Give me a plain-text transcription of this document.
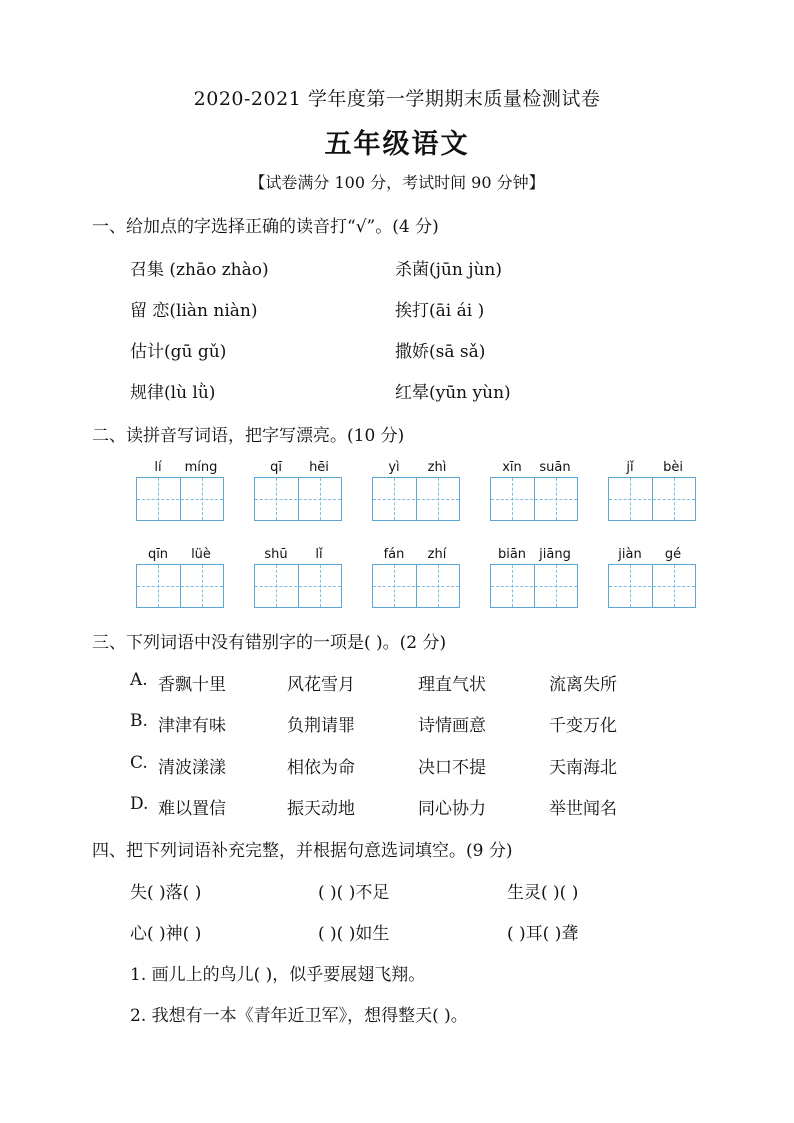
2020-2021 学年度第一学期期末质量检测试卷
五年级语文
【试卷满分 100 分，考试时间 90 分钟】
一、给加点的字选择正确的读音打“√”。(4 分)
召集 (zhāo zhào)	杀菌(jūn jùn)
留 恋(liàn niàn)	挨打(āi ái )
估计(gū gǔ)	撒娇(sā sǎ)
规律(lù lǜ)	红晕(yūn yùn)
二、读拼音写词语，把字写漂亮。(10 分)
lí	míng	qī	hēi	yì	zhì	xīn	suān	jǐ	bèi
qīn	lüè	shū	lǐ	fán	zhí	biān	jiāng	jiàn	gé
三、下列词语中没有错别字的一项是( )。(2 分)
A. 香飘十里	风花雪月	理直气状	流离失所
B. 津津有味	负荆请罪	诗情画意	千变万化
C. 清波漾漾	相依为命	决口不提	天南海北
D. 难以置信	振天动地	同心协力	举世闻名
四、把下列词语补充完整，并根据句意选词填空。(9 分)
失( )落( )	( )( )不足	生灵( )( )
心( )神( )	( )( )如生	( )耳( )聋
1. 画儿上的鸟儿( )，似乎要展翅飞翔。
2. 我想有一本《青年近卫军》，想得整天( )。
